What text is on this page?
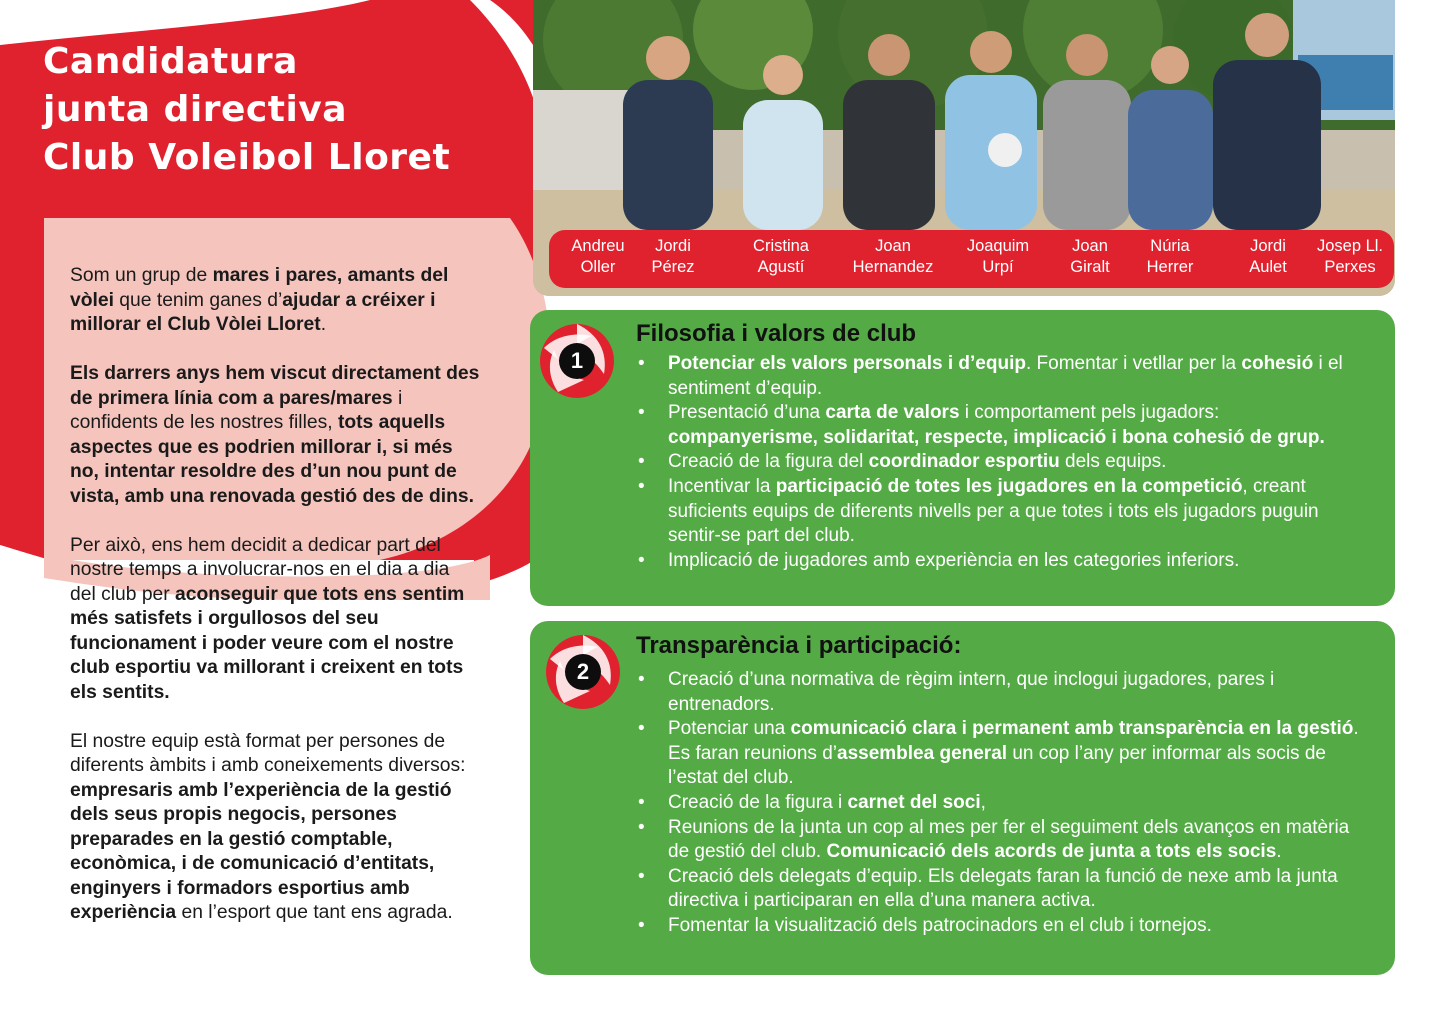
Candidatura
junta directiva
Club Voleibol Lloret

Som un grup de mares i pares, amants del vòlei que tenim ganes d’ajudar a créixer i millorar el Club Vòlei Lloret.

Els darrers anys hem viscut directament des de primera línia com a pares/mares i confidents de les nostres filles, tots aquells aspectes que es podrien millorar i, si més no, intentar resoldre des d’un nou punt de vista, amb una renovada gestió des de dins.

Per això, ens hem decidit a dedicar part del nostre temps a involucrar-nos en el dia a dia del club per aconseguir que tots ens sentim més satisfets i orgullosos del seu funcionament i poder veure com el nostre club esportiu va millorant i creixent en tots els sentits.

El nostre equip està format per persones de diferents àmbits i amb coneixements diversos: empresaris amb l’experiència de la gestió dels seus propis negocis, persones preparades en la gestió comptable, econòmica, i de comunicació d’entitats, enginyers i formadors esportius amb experiència en l’esport que tant ens agrada.

Andreu
Oller
Jordi
Pérez
Cristina
Agustí
Joan
Hernandez
Joaquim
Urpí
Joan
Giralt
Núria
Herrer
Jordi
Aulet
Josep Ll.
Perxes
1
Filosofia i valors de club
• Potenciar els valors personals i d’equip. Fomentar i vetllar per la cohesió i el sentiment d’equip.
• Presentació d’una carta de valors i comportament pels jugadors: companyerisme, solidaritat, respecte, implicació i bona cohesió de grup.
• Creació de la figura del coordinador esportiu dels equips.
• Incentivar la participació de totes les jugadores en la competició, creant suficients equips de diferents nivells per a que totes i tots els jugadors puguin sentir-se part del club.
• Implicació de jugadores amb experiència en les categories inferiors.
2
Transparència i participació:
• Creació d’una normativa de règim intern, que inclogui jugadores, pares i entrenadors.
• Potenciar una comunicació clara i permanent amb transparència en la gestió. Es faran reunions d’assemblea general un cop l’any per informar als socis de l’estat del club.
• Creació de la figura i carnet del soci,
• Reunions de la junta un cop al mes per fer el seguiment dels avanços en matèria de gestió del club. Comunicació dels acords de junta a tots els socis.
• Creació dels delegats d’equip. Els delegats faran la funció de nexe amb la junta directiva i participaran en ella d’una manera activa.
• Fomentar la visualització dels patrocinadors en el club i tornejos.
